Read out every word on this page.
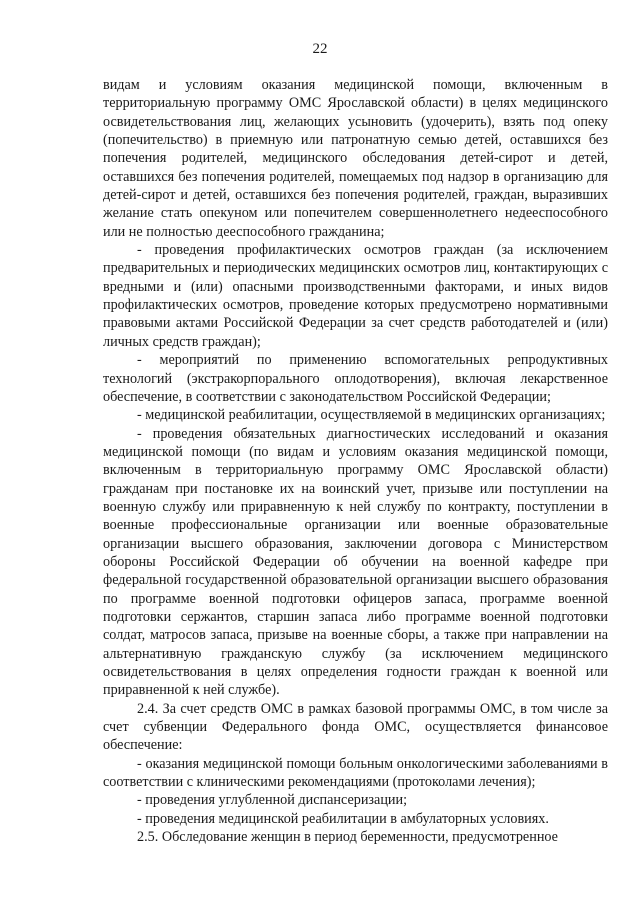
22

видам и условиям оказания медицинской помощи, включенным в территориальную программу ОМС Ярославской области) в целях медицинского освидетельствования лиц, желающих усыновить (удочерить), взять под опеку (попечительство) в приемную или патронатную семью детей, оставшихся без попечения родителей, медицинского обследования детей-сирот и детей, оставшихся без попечения родителей, помещаемых под надзор в организацию для детей-сирот и детей, оставшихся без попечения родителей, граждан, выразивших желание стать опекуном или попечителем совершеннолетнего недееспособного или не полностью дееспособного гражданина;

- проведения профилактических осмотров граждан (за исключением предварительных и периодических медицинских осмотров лиц, контактирующих с вредными и (или) опасными производственными факторами, и иных видов профилактических осмотров, проведение которых предусмотрено нормативными правовыми актами Российской Федерации за счет средств работодателей и (или) личных средств граждан);

- мероприятий по применению вспомогательных репродуктивных технологий (экстракорпорального оплодотворения), включая лекарственное обеспечение, в соответствии с законодательством Российской Федерации;

- медицинской реабилитации, осуществляемой в медицинских организациях;

- проведения обязательных диагностических исследований и оказания медицинской помощи (по видам и условиям оказания медицинской помощи, включенным в территориальную программу ОМС Ярославской области) гражданам при постановке их на воинский учет, призыве или поступлении на военную службу или приравненную к ней службу по контракту, поступлении в военные профессиональные организации или военные образовательные организации высшего образования, заключении договора с Министерством обороны Российской Федерации об обучении на военной кафедре при федеральной государственной образовательной организации высшего образования по программе военной подготовки офицеров запаса, программе военной подготовки сержантов, старшин запаса либо программе военной подготовки солдат, матросов запаса, призыве на военные сборы, а также при направлении на альтернативную гражданскую службу (за исключением медицинского освидетельствования в целях определения годности граждан к военной или приравненной к ней службе).

2.4. За счет средств ОМС в рамках базовой программы ОМС, в том числе за счет субвенции Федерального фонда ОМС, осуществляется финансовое обеспечение:

- оказания медицинской помощи больным онкологическими заболеваниями в соответствии с клиническими рекомендациями (протоколами лечения);

- проведения углубленной диспансеризации;

- проведения медицинской реабилитации в амбулаторных условиях.

2.5. Обследование женщин в период беременности, предусмотренное
